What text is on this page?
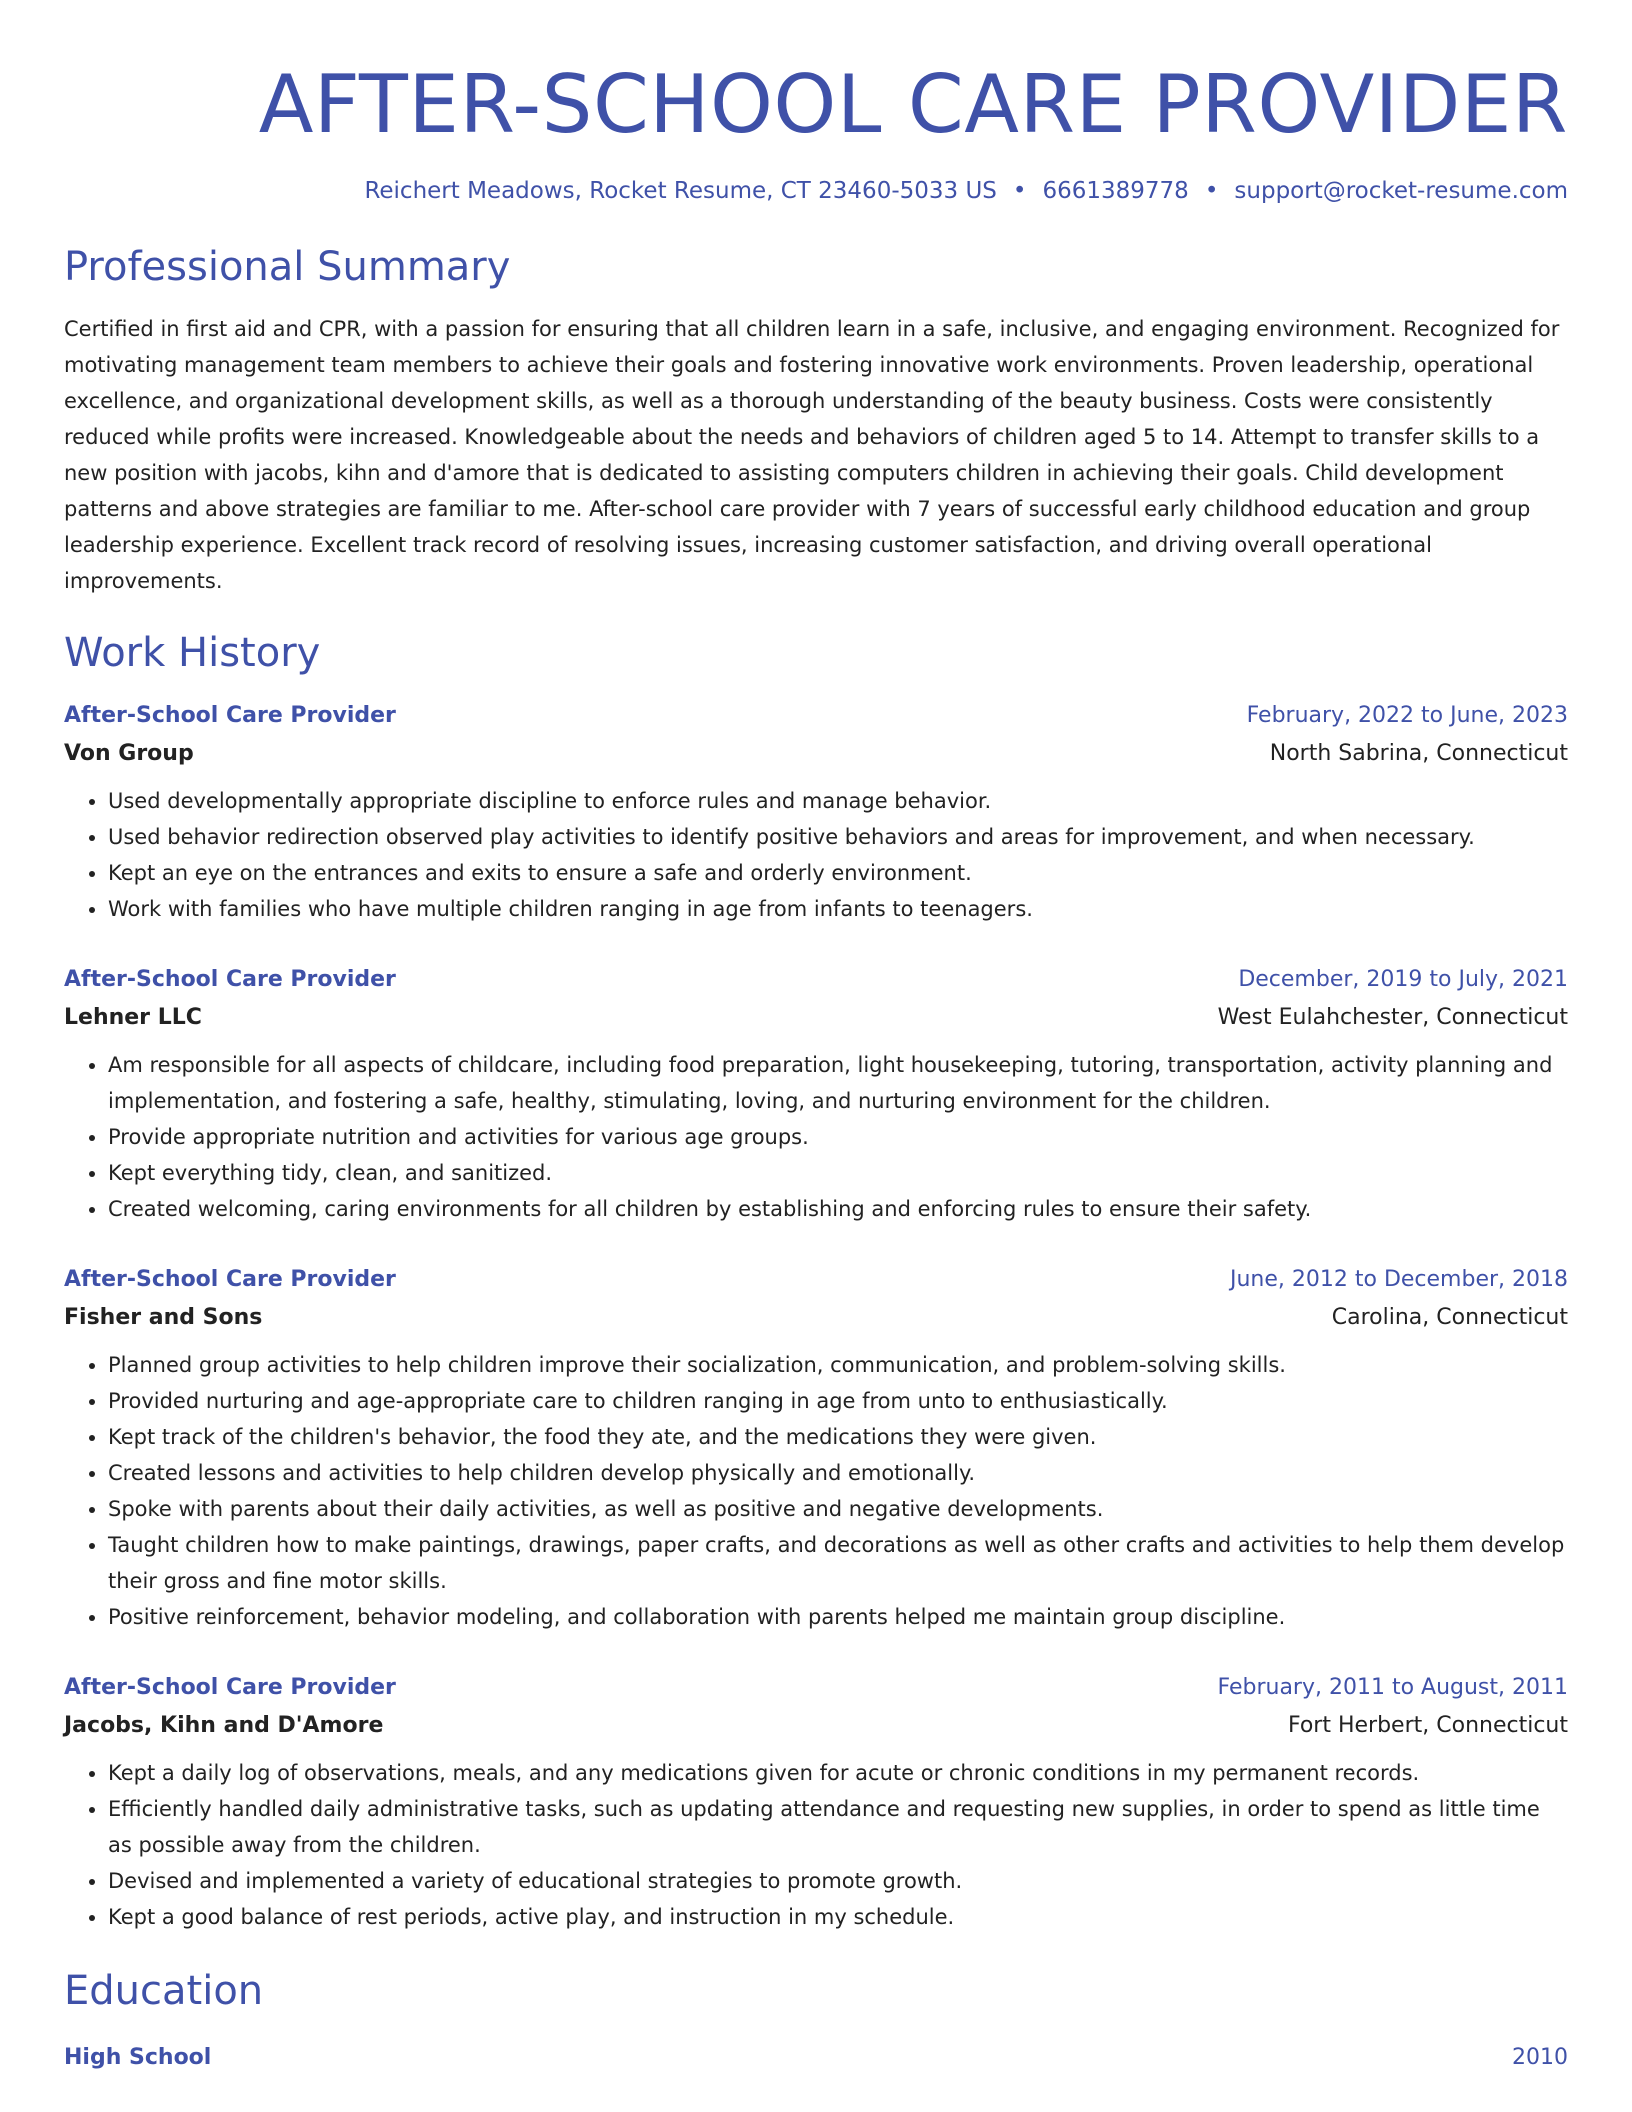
AFTER-SCHOOL CARE PROVIDER
Reichert Meadows, Rocket Resume, CT 23460-5033 US • 6661389778 • support@rocket-resume.com
Professional Summary

Certified in first aid and CPR, with a passion for ensuring that all children learn in a safe, inclusive, and engaging environment. Recognized for motivating management team members to achieve their goals and fostering innovative work environments. Proven leadership, operational excellence, and organizational development skills, as well as a thorough understanding of the beauty business. Costs were consistently reduced while profits were increased. Knowledgeable about the needs and behaviors of children aged 5 to 14. Attempt to transfer skills to a new position with jacobs, kihn and d'amore that is dedicated to assisting computers children in achieving their goals. Child development patterns and above strategies are familiar to me. After-school care provider with 7 years of successful early childhood education and group leadership experience. Excellent track record of resolving issues, increasing customer satisfaction, and driving overall operational improvements.

Work History
After-School Care Provider	February, 2022 to June, 2023
Von Group	North Sabrina, Connecticut
• Used developmentally appropriate discipline to enforce rules and manage behavior.
• Used behavior redirection observed play activities to identify positive behaviors and areas for improvement, and when necessary.
• Kept an eye on the entrances and exits to ensure a safe and orderly environment.
• Work with families who have multiple children ranging in age from infants to teenagers.
After-School Care Provider	December, 2019 to July, 2021
Lehner LLC	West Eulahchester, Connecticut
• Am responsible for all aspects of childcare, including food preparation, light housekeeping, tutoring, transportation, activity planning and implementation, and fostering a safe, healthy, stimulating, loving, and nurturing environment for the children.
• Provide appropriate nutrition and activities for various age groups.
• Kept everything tidy, clean, and sanitized.
• Created welcoming, caring environments for all children by establishing and enforcing rules to ensure their safety.
After-School Care Provider	June, 2012 to December, 2018
Fisher and Sons	Carolina, Connecticut
• Planned group activities to help children improve their socialization, communication, and problem-solving skills.
• Provided nurturing and age-appropriate care to children ranging in age from unto to enthusiastically.
• Kept track of the children's behavior, the food they ate, and the medications they were given.
• Created lessons and activities to help children develop physically and emotionally.
• Spoke with parents about their daily activities, as well as positive and negative developments.
• Taught children how to make paintings, drawings, paper crafts, and decorations as well as other crafts and activities to help them develop their gross and fine motor skills.
• Positive reinforcement, behavior modeling, and collaboration with parents helped me maintain group discipline.
After-School Care Provider	February, 2011 to August, 2011
Jacobs, Kihn and D'Amore	Fort Herbert, Connecticut
• Kept a daily log of observations, meals, and any medications given for acute or chronic conditions in my permanent records.
• Efficiently handled daily administrative tasks, such as updating attendance and requesting new supplies, in order to spend as little time as possible away from the children.
• Devised and implemented a variety of educational strategies to promote growth.
• Kept a good balance of rest periods, active play, and instruction in my schedule.
Education
High School	2010
